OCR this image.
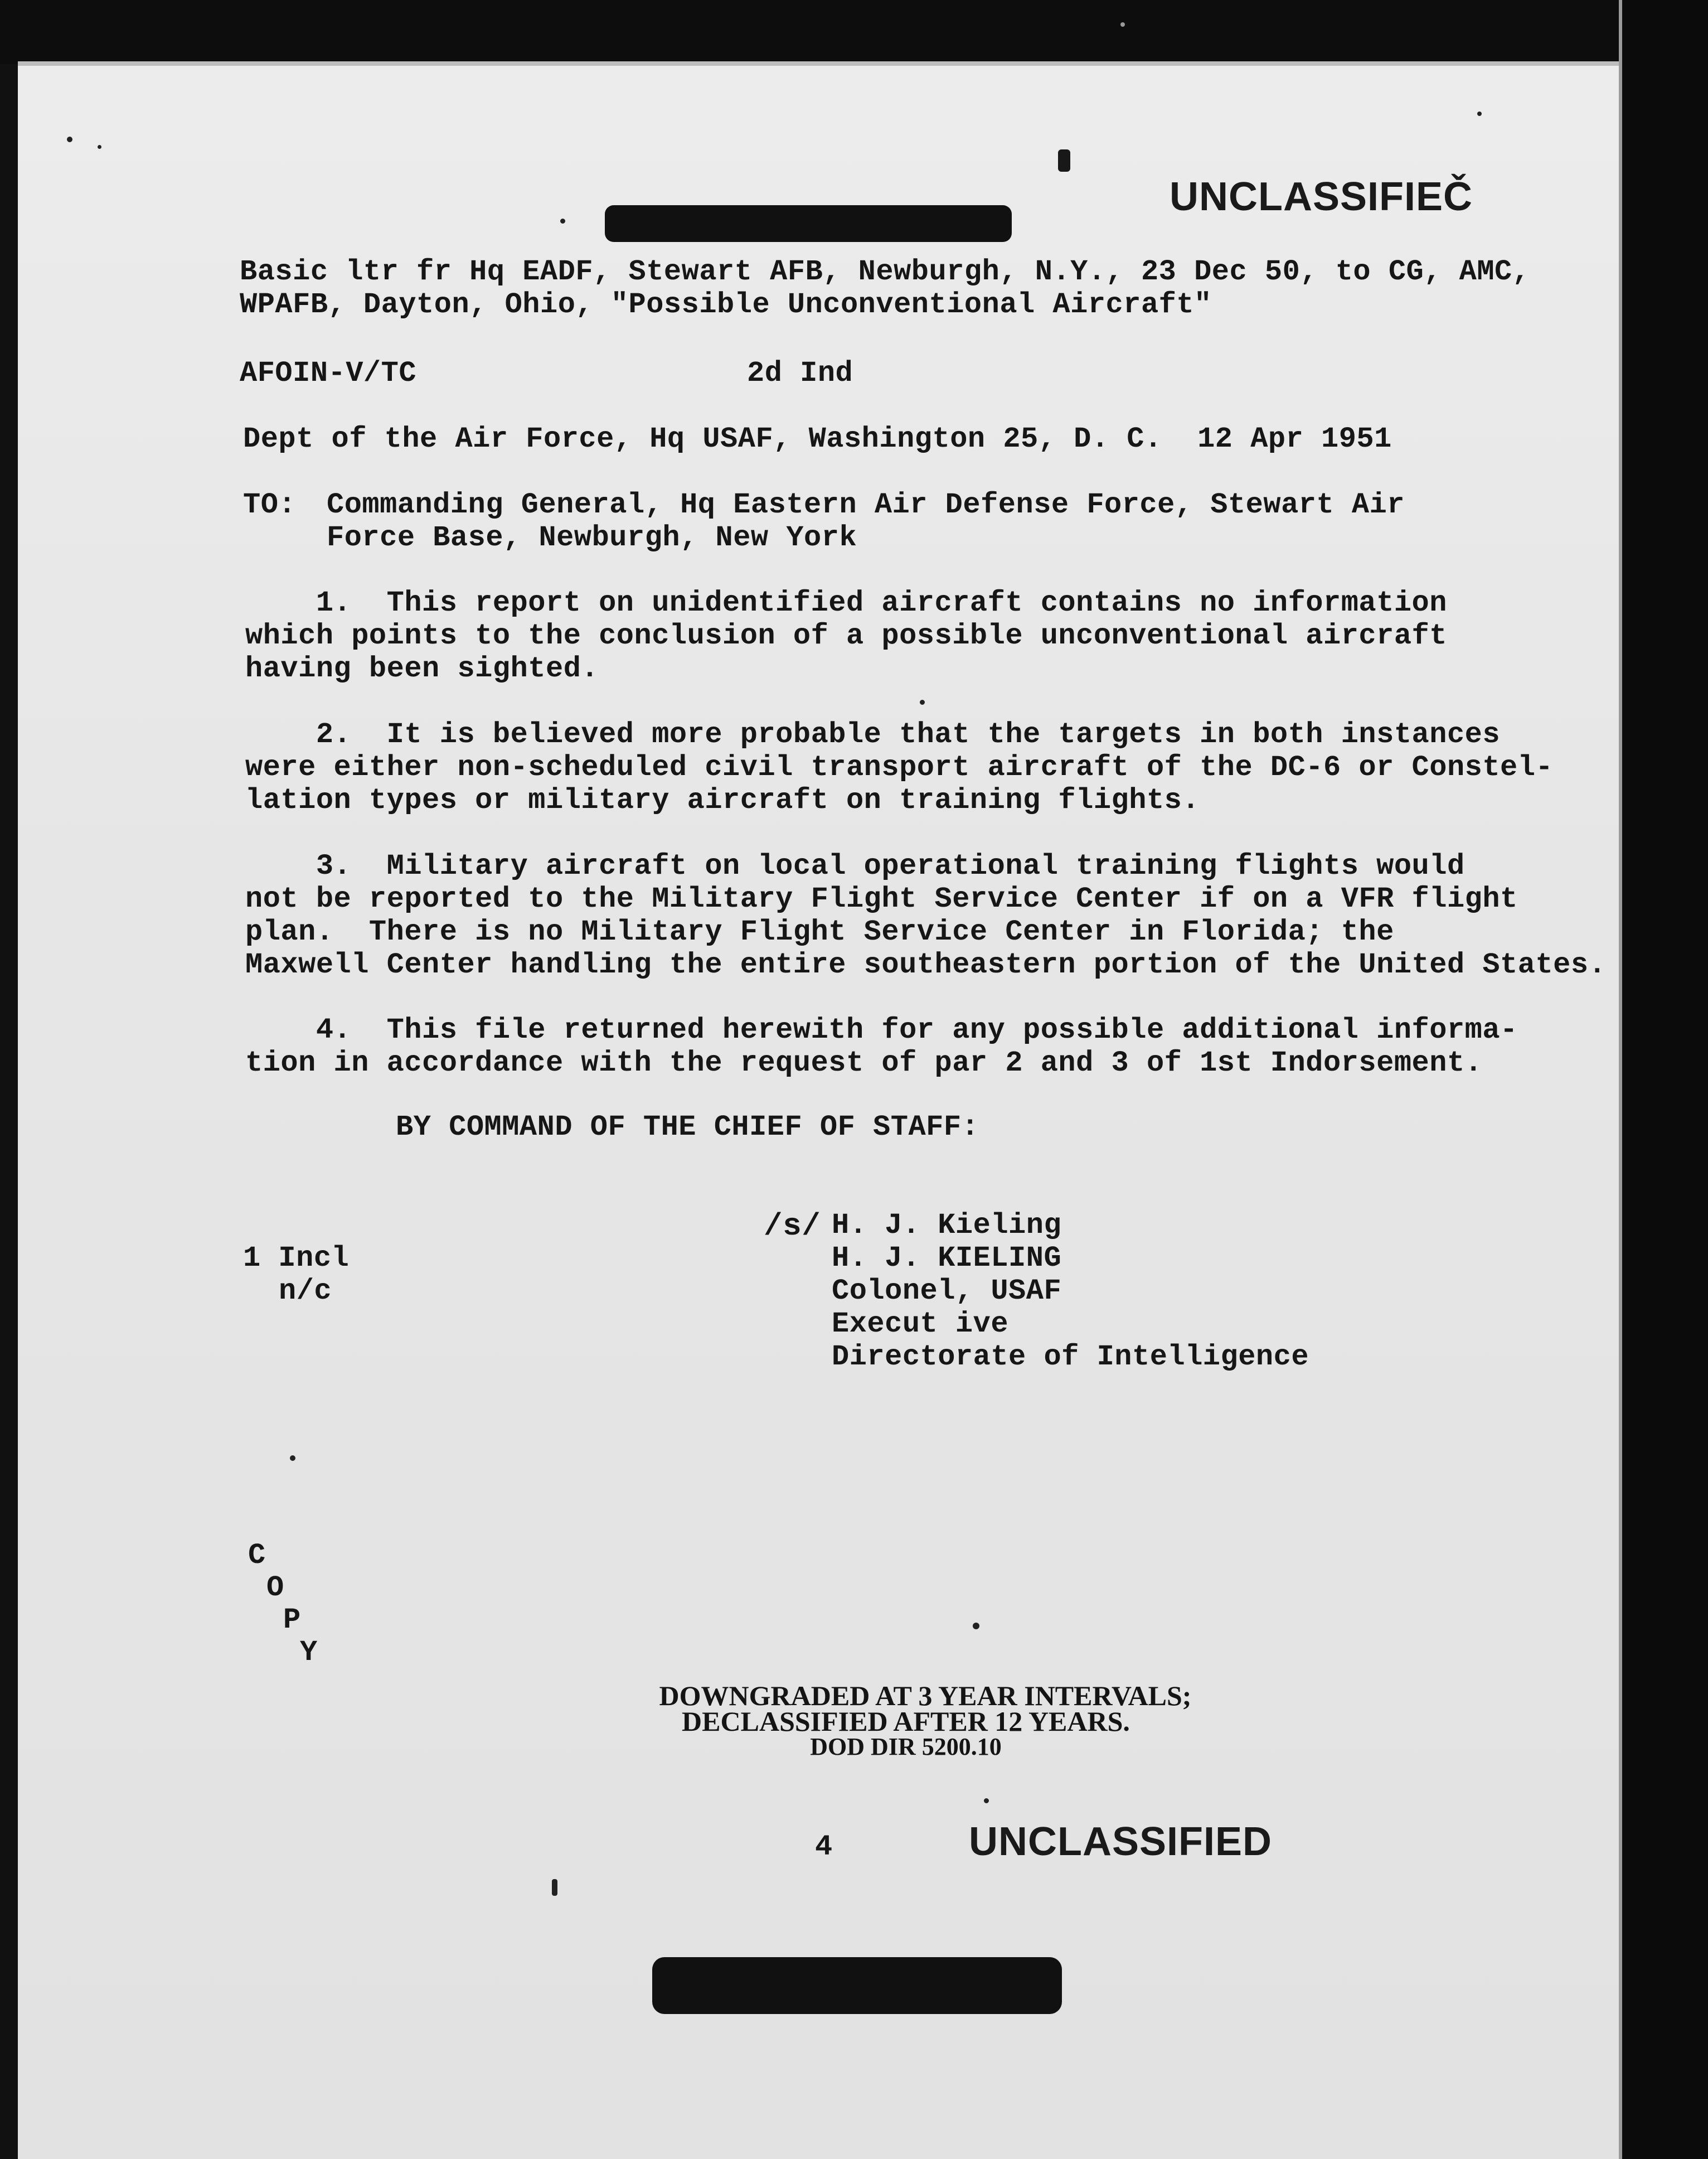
UNCLASSIFIEČ
Basic ltr fr Hq EADF, Stewart AFB, Newburgh, N.Y., 23 Dec 50, to CG, AMC,
WPAFB, Dayton, Ohio, "Possible Unconventional Aircraft"
AFOIN-V/TC	2d Ind
Dept of the Air Force, Hq USAF, Washington 25, D. C.  12 Apr 1951
TO: Commanding General, Hq Eastern Air Defense Force, Stewart Air
Force Base, Newburgh, New York
1.  This report on unidentified aircraft contains no information
which points to the conclusion of a possible unconventional aircraft
having been sighted.
2.  It is believed more probable that the targets in both instances
were either non-scheduled civil transport aircraft of the DC-6 or Constel-
lation types or military aircraft on training flights.
3.  Military aircraft on local operational training flights would
not be reported to the Military Flight Service Center if on a VFR flight
plan.  There is no Military Flight Service Center in Florida; the
Maxwell Center handling the entire southeastern portion of the United States.
4.  This file returned herewith for any possible additional informa-
tion in accordance with the request of par 2 and 3 of 1st Indorsement.
BY COMMAND OF THE CHIEF OF STAFF:
/s/ H. J. Kieling
H. J. KIELING
Colonel, USAF
Execut ive
Directorate of Intelligence
1 Incl
n/c
C
O
P
Y
DOWNGRADED AT 3 YEAR INTERVALS;
DECLASSIFIED AFTER 12 YEARS.
DOD DIR 5200.10
4	UNCLASSIFIED
